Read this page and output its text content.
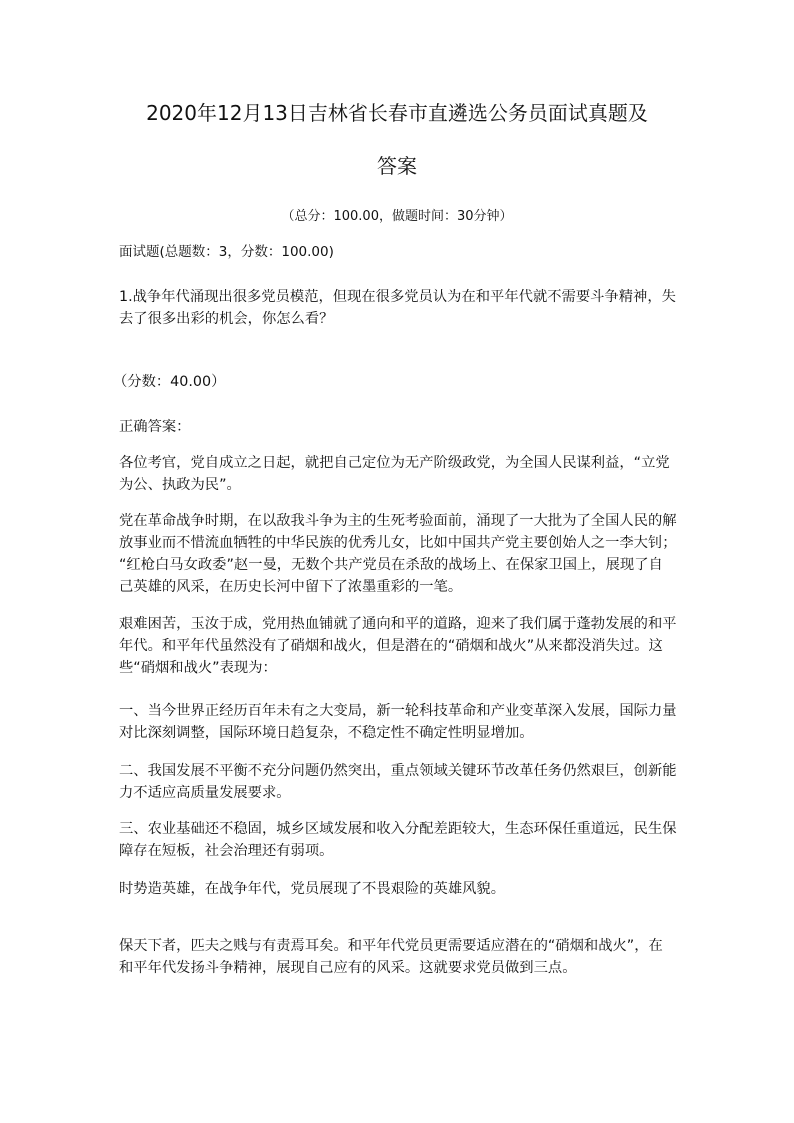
2020年12月13日吉林省长春市直遴选公务员面试真题及
答案
（总分：100.00，做题时间：30分钟）
面试题(总题数：3，分数：100.00)
1.战争年代涌现出很多党员模范，但现在很多党员认为在和平年代就不需要斗争精神，失
去了很多出彩的机会，你怎么看？
（分数：40.00）
正确答案：
各位考官，党自成立之日起，就把自己定位为无产阶级政党，为全国人民谋利益，“立党
为公、执政为民”。
党在革命战争时期，在以敌我斗争为主的生死考验面前，涌现了一大批为了全国人民的解
放事业而不惜流血牺牲的中华民族的优秀儿女，比如中国共产党主要创始人之一李大钊；
“红枪白马女政委”赵一曼，无数个共产党员在杀敌的战场上、在保家卫国上，展现了自
己英雄的风采，在历史长河中留下了浓墨重彩的一笔。
艰难困苦，玉汝于成，党用热血铺就了通向和平的道路，迎来了我们属于蓬勃发展的和平
年代。和平年代虽然没有了硝烟和战火，但是潜在的“硝烟和战火”从来都没消失过。这
些“硝烟和战火”表现为：
一、当今世界正经历百年未有之大变局，新一轮科技革命和产业变革深入发展，国际力量
对比深刻调整，国际环境日趋复杂，不稳定性不确定性明显增加。
二、我国发展不平衡不充分问题仍然突出，重点领域关键环节改革任务仍然艰巨，创新能
力不适应高质量发展要求。
三、农业基础还不稳固，城乡区域发展和收入分配差距较大，生态环保任重道远，民生保
障存在短板，社会治理还有弱项。
时势造英雄，在战争年代，党员展现了不畏艰险的英雄风貌。
保天下者，匹夫之贱与有责焉耳矣。和平年代党员更需要适应潜在的“硝烟和战火”，在
和平年代发扬斗争精神，展现自己应有的风采。这就要求党员做到三点。
